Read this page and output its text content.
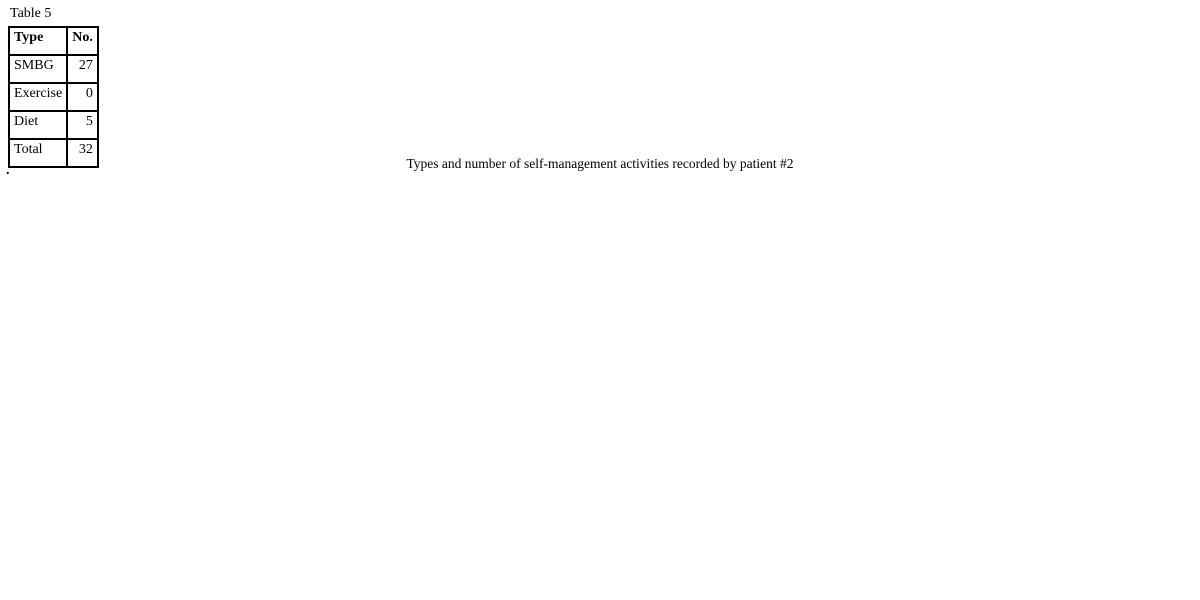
Table 5
Type	No.
SMBG	27
Exercise	0
Diet	5
Total	32
Types and number of self-management activities recorded by patient #2
.
